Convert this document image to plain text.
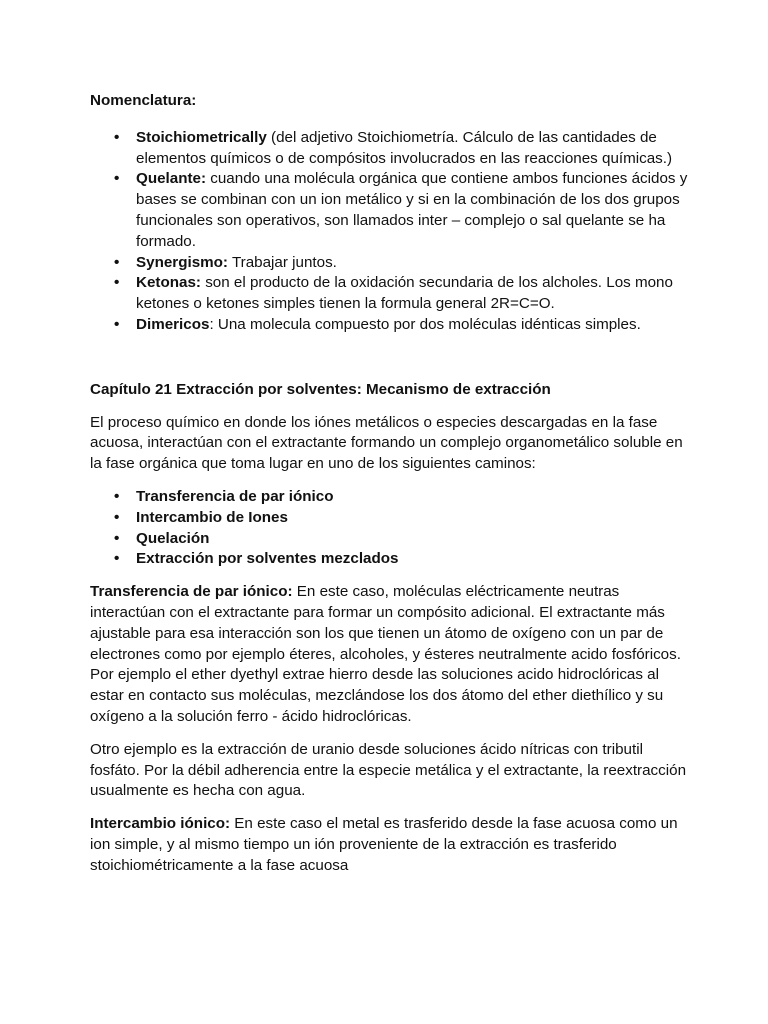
Nomenclatura:

• Stoichiometrically (del adjetivo Stoichiometría. Cálculo de las cantidades de elementos químicos o de compósitos involucrados en las reacciones químicas.)
• Quelante: cuando una molécula orgánica que contiene ambos funciones ácidos y bases se combinan con un ion metálico y si en la combinación de los dos grupos funcionales son operativos, son llamados inter – complejo o sal quelante se ha formado.
• Synergismo: Trabajar juntos.
• Ketonas: son el producto de la oxidación secundaria de los alcholes. Los mono ketones o ketones simples tienen la formula general 2R=C=O.
• Dimericos: Una molecula compuesto por dos moléculas idénticas simples.

Capítulo 21 Extracción por solventes: Mecanismo de extracción

El proceso químico en donde los iónes metálicos o especies descargadas en la fase acuosa, interactúan con el extractante formando un complejo organometálico soluble en la fase orgánica que toma lugar en uno de los siguientes caminos:

• Transferencia de par iónico
• Intercambio de Iones
• Quelación
• Extracción por solventes mezclados

Transferencia de par iónico: En este caso, moléculas eléctricamente neutras interactúan con el extractante para formar un compósito adicional. El extractante más ajustable para esa interacción son los que tienen un átomo de oxígeno con un par de electrones como por ejemplo éteres, alcoholes, y ésteres neutralmente acido fosfóricos. Por ejemplo el ether dyethyl extrae hierro desde las soluciones acido hidroclóricas al estar en contacto sus moléculas, mezclándose los dos átomo del ether diethílico y su oxígeno a la solución ferro - ácido hidroclóricas.

Otro ejemplo es la extracción de uranio desde soluciones ácido nítricas con tributil fosfáto. Por la débil adherencia entre la especie metálica y el extractante, la reextracción usualmente es hecha con agua.

Intercambio iónico: En este caso el metal es trasferido desde la fase acuosa como un ion simple, y al mismo tiempo un ión proveniente de la extracción es trasferido stoichiométricamente a la fase acuosa
